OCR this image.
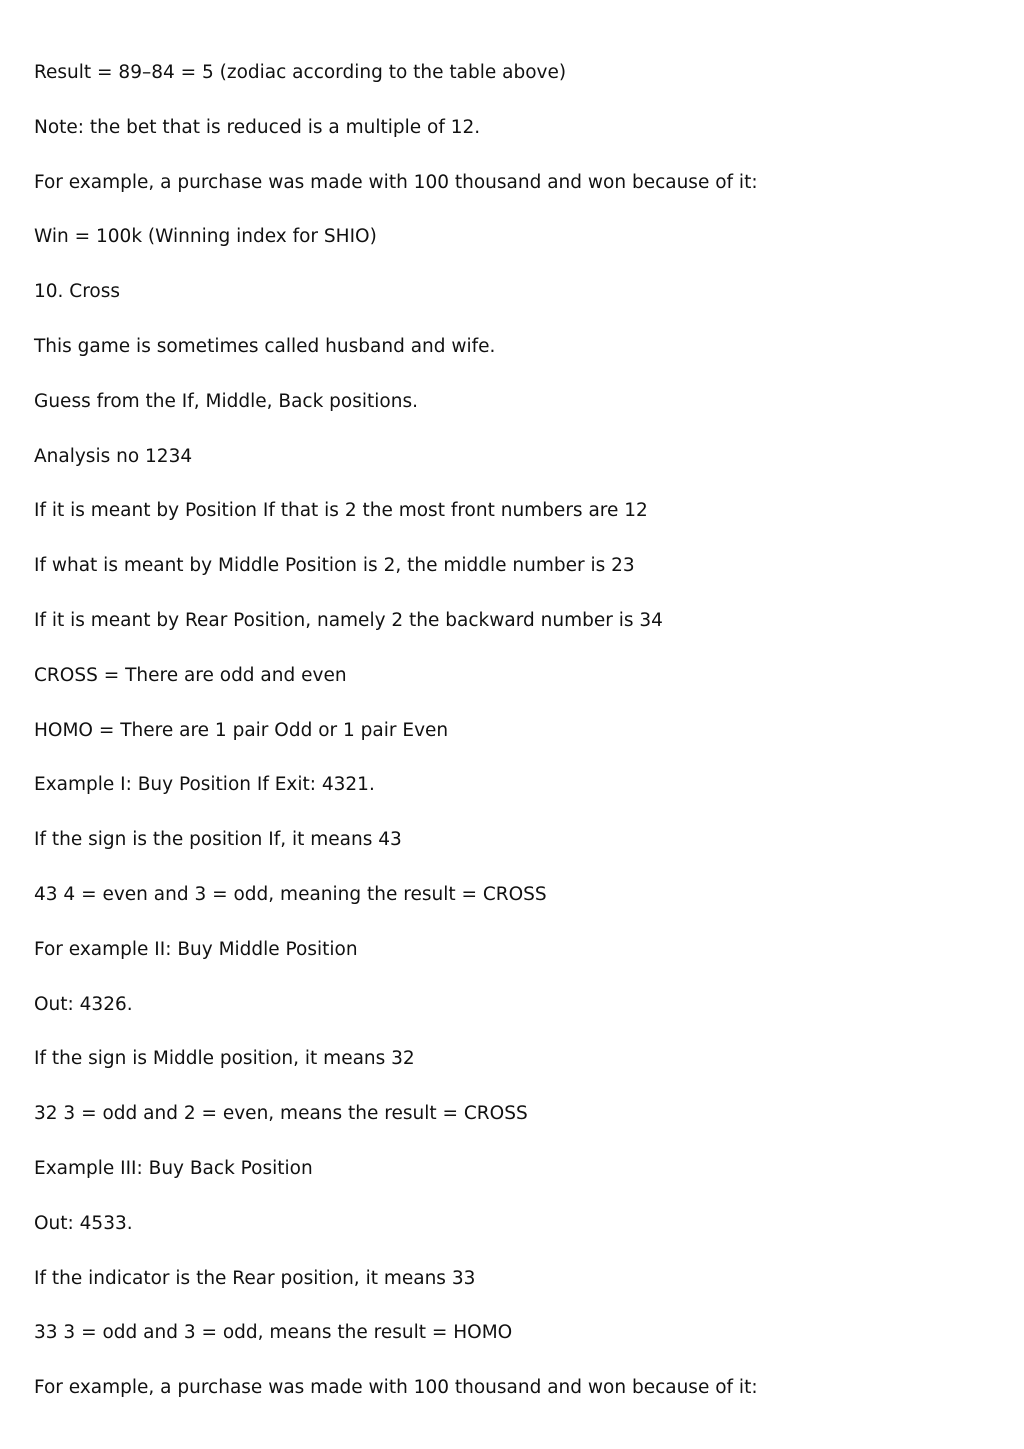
Result = 89–84 = 5 (zodiac according to the table above)

Note: the bet that is reduced is a multiple of 12.

For example, a purchase was made with 100 thousand and won because of it:

Win = 100k (Winning index for SHIO)

10. Cross

This game is sometimes called husband and wife.

Guess from the If, Middle, Back positions.

Analysis no 1234

If it is meant by Position If that is 2 the most front numbers are 12

If what is meant by Middle Position is 2, the middle number is 23

If it is meant by Rear Position, namely 2 the backward number is 34

CROSS = There are odd and even

HOMO = There are 1 pair Odd or 1 pair Even

Example I: Buy Position If Exit: 4321.

If the sign is the position If, it means 43

43 4 = even and 3 = odd, meaning the result = CROSS

For example II: Buy Middle Position

Out: 4326.

If the sign is Middle position, it means 32

32 3 = odd and 2 = even, means the result = CROSS

Example III: Buy Back Position

Out: 4533.

If the indicator is the Rear position, it means 33

33 3 = odd and 3 = odd, means the result = HOMO

For example, a purchase was made with 100 thousand and won because of it:
